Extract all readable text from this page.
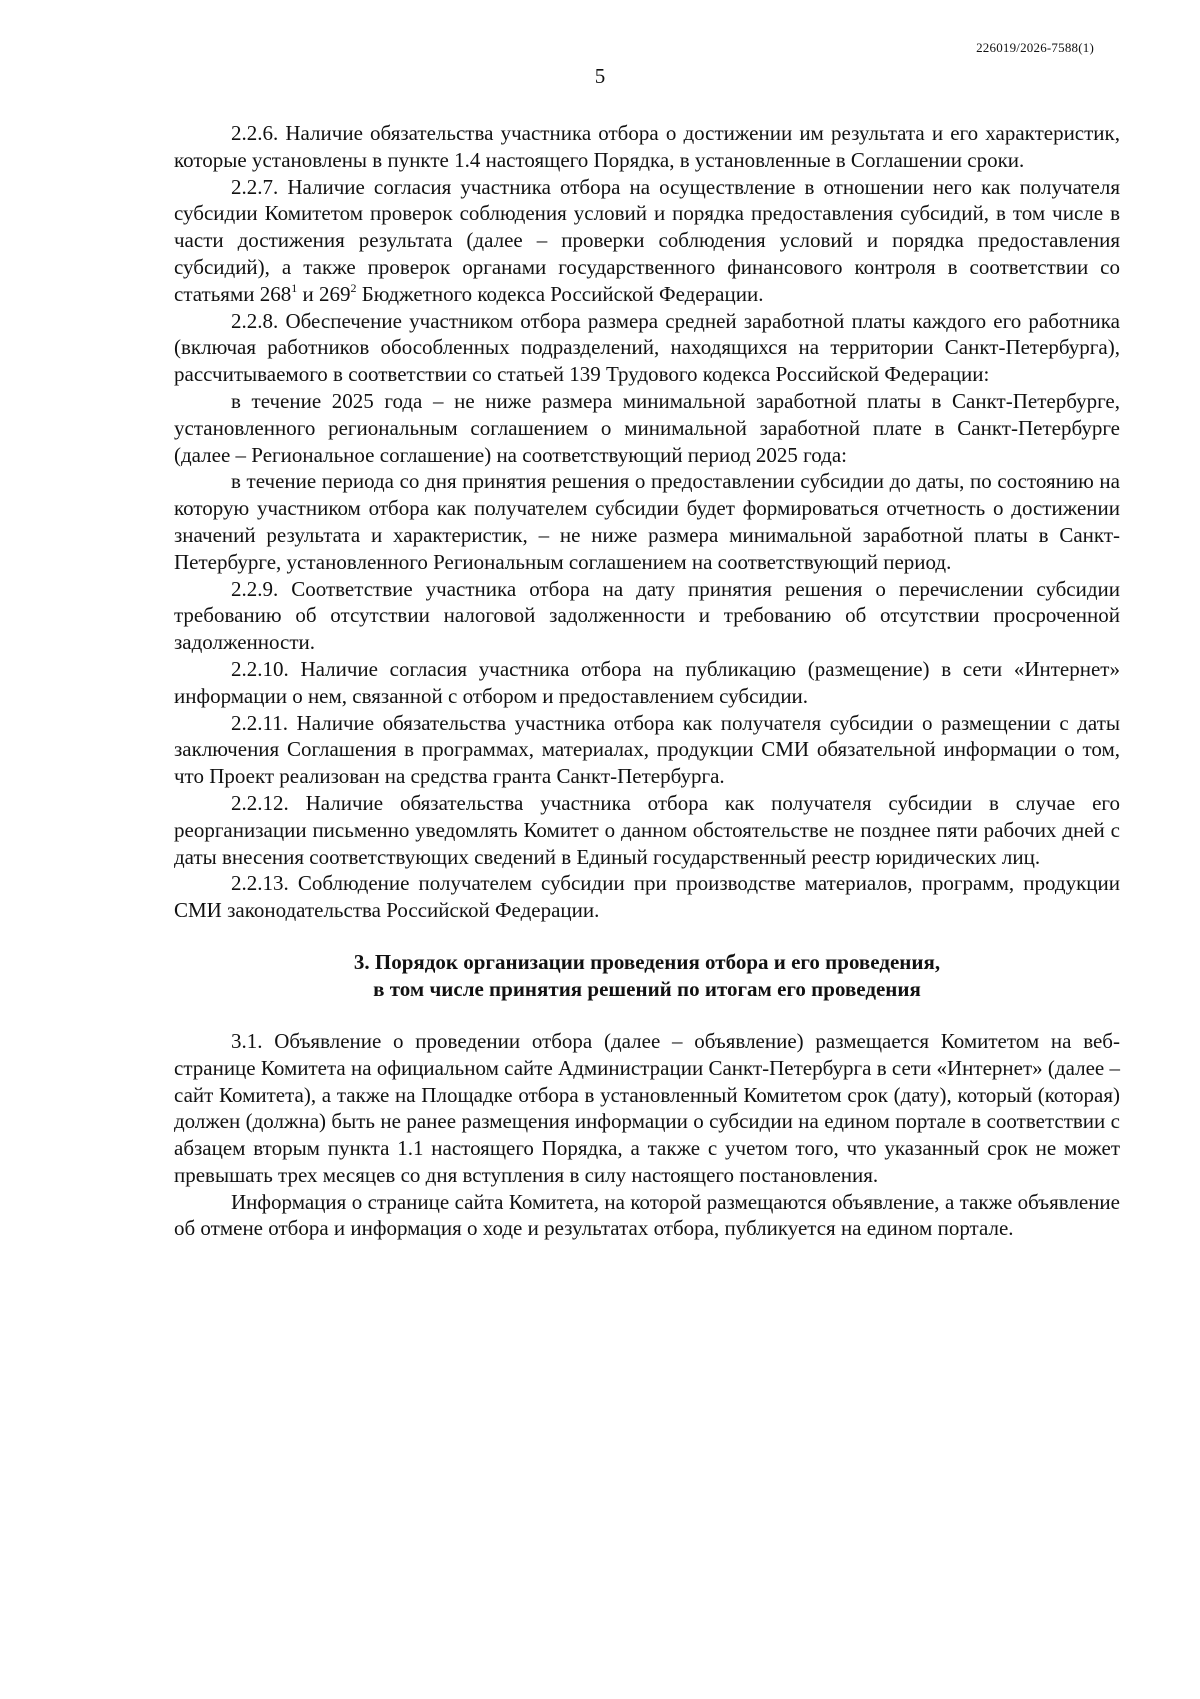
226019/2026-7588(1)
5

2.2.6. Наличие обязательства участника отбора о достижении им результата и его характеристик, которые установлены в пункте 1.4 настоящего Порядка, в установленные в Соглашении сроки.

2.2.7. Наличие согласия участника отбора на осуществление в отношении него как получателя субсидии Комитетом проверок соблюдения условий и порядка предоставления субсидий, в том числе в части достижения результата (далее – проверки соблюдения условий и порядка предоставления субсидий), а также проверок органами государственного финансового контроля в соответствии со статьями $268^1$ и $269^2$ Бюджетного кодекса Российской Федерации.

2.2.8. Обеспечение участником отбора размера средней заработной платы каждого его работника (включая работников обособленных подразделений, находящихся на территории Санкт-Петербурга), рассчитываемого в соответствии со статьей 139 Трудового кодекса Российской Федерации:

в течение 2025 года – не ниже размера минимальной заработной платы в Санкт-Петербурге, установленного региональным соглашением о минимальной заработной плате в Санкт-Петербурге (далее – Региональное соглашение) на соответствующий период 2025 года:

в течение периода со дня принятия решения о предоставлении субсидии до даты, по состоянию на которую участником отбора как получателем субсидии будет формироваться отчетность о достижении значений результата и характеристик, – не ниже размера минимальной заработной платы в Санкт-Петербурге, установленного Региональным соглашением на соответствующий период.

2.2.9. Соответствие участника отбора на дату принятия решения о перечислении субсидии требованию об отсутствии налоговой задолженности и требованию об отсутствии просроченной задолженности.

2.2.10. Наличие согласия участника отбора на публикацию (размещение) в сети «Интернет» информации о нем, связанной с отбором и предоставлением субсидии.

2.2.11. Наличие обязательства участника отбора как получателя субсидии о размещении с даты заключения Соглашения в программах, материалах, продукции СМИ обязательной информации о том, что Проект реализован на средства гранта Санкт-Петербурга.

2.2.12. Наличие обязательства участника отбора как получателя субсидии в случае его реорганизации письменно уведомлять Комитет о данном обстоятельстве не позднее пяти рабочих дней с даты внесения соответствующих сведений в Единый государственный реестр юридических лиц.

2.2.13. Соблюдение получателем субсидии при производстве материалов, программ, продукции СМИ законодательства Российской Федерации.

3. Порядок организации проведения отбора и его проведения,
в том числе принятия решений по итогам его проведения

3.1. Объявление о проведении отбора (далее – объявление) размещается Комитетом на веб-странице Комитета на официальном сайте Администрации Санкт-Петербурга в сети «Интернет» (далее – сайт Комитета), а также на Площадке отбора в установленный Комитетом срок (дату), который (которая) должен (должна) быть не ранее размещения информации о субсидии на едином портале в соответствии с абзацем вторым пункта 1.1 настоящего Порядка, а также с учетом того, что указанный срок не может превышать трех месяцев со дня вступления в силу настоящего постановления.

Информация о странице сайта Комитета, на которой размещаются объявление, а также объявление об отмене отбора и информация о ходе и результатах отбора, публикуется на едином портале.
